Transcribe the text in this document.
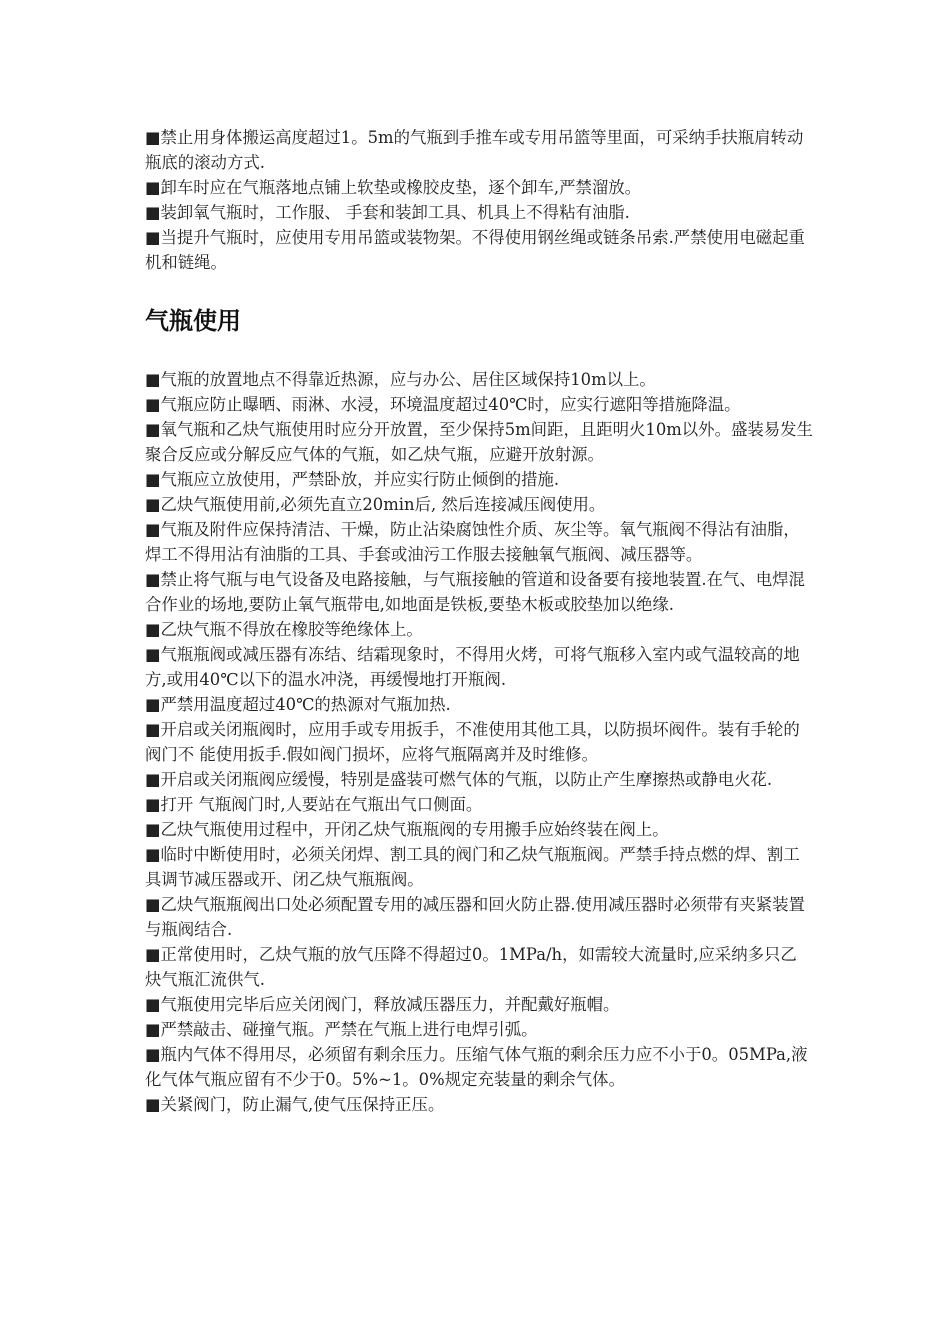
■禁止用身体搬运高度超过1。5m的气瓶到手推车或专用吊篮等里面，可采纳手扶瓶肩转动瓶底的滚动方式.

■卸车时应在气瓶落地点铺上软垫或橡胶皮垫，逐个卸车,严禁溜放。

■装卸氧气瓶时，工作服、 手套和装卸工具、机具上不得粘有油脂.

■当提升气瓶时，应使用专用吊篮或装物架。不得使用钢丝绳或链条吊索.严禁使用电磁起重机和链绳。

气瓶使用

■气瓶的放置地点不得靠近热源，应与办公、居住区域保持10m以上。

■气瓶应防止曝晒、雨淋、水浸，环境温度超过40℃时，应实行遮阳等措施降温。

■氧气瓶和乙炔气瓶使用时应分开放置，至少保持5m间距，且距明火10m以外。盛装易发生聚合反应或分解反应气体的气瓶，如乙炔气瓶，应避开放射源。

■气瓶应立放使用，严禁卧放，并应实行防止倾倒的措施.

■乙炔气瓶使用前,必须先直立20min后, 然后连接减压阀使用。

■气瓶及附件应保持清洁、干燥，防止沾染腐蚀性介质、灰尘等。氧气瓶阀不得沾有油脂，焊工不得用沾有油脂的工具、手套或油污工作服去接触氧气瓶阀、减压器等。

■禁止将气瓶与电气设备及电路接触，与气瓶接触的管道和设备要有接地装置.在气、电焊混合作业的场地,要防止氧气瓶带电,如地面是铁板,要垫木板或胶垫加以绝缘.

■乙炔气瓶不得放在橡胶等绝缘体上。

■气瓶瓶阀或减压器有冻结、结霜现象时，不得用火烤，可将气瓶移入室内或气温较高的地方,或用40℃以下的温水冲浇，再缓慢地打开瓶阀.

■严禁用温度超过40℃的热源对气瓶加热.

■开启或关闭瓶阀时，应用手或专用扳手，不准使用其他工具，以防损坏阀件。装有手轮的阀门不 能使用扳手.假如阀门损坏，应将气瓶隔离并及时维修。

■开启或关闭瓶阀应缓慢，特别是盛装可燃气体的气瓶，以防止产生摩擦热或静电火花.

■打开 气瓶阀门时,人要站在气瓶出气口侧面。

■乙炔气瓶使用过程中，开闭乙炔气瓶瓶阀的专用搬手应始终装在阀上。

■临时中断使用时，必须关闭焊、割工具的阀门和乙炔气瓶瓶阀。严禁手持点燃的焊、割工具调节减压器或开、闭乙炔气瓶瓶阀。

■乙炔气瓶瓶阀出口处必须配置专用的减压器和回火防止器.使用减压器时必须带有夹紧装置与瓶阀结合.

■正常使用时，乙炔气瓶的放气压降不得超过0。1MPa/h，如需较大流量时,应采纳多只乙炔气瓶汇流供气.

■气瓶使用完毕后应关闭阀门，释放减压器压力，并配戴好瓶帽。

■严禁敲击、碰撞气瓶。严禁在气瓶上进行电焊引弧。

■瓶内气体不得用尽，必须留有剩余压力。压缩气体气瓶的剩余压力应不小于0。05MPa,液化气体气瓶应留有不少于0。5%~1。0%规定充装量的剩余气体。

■关紧阀门，防止漏气,使气压保持正压。
